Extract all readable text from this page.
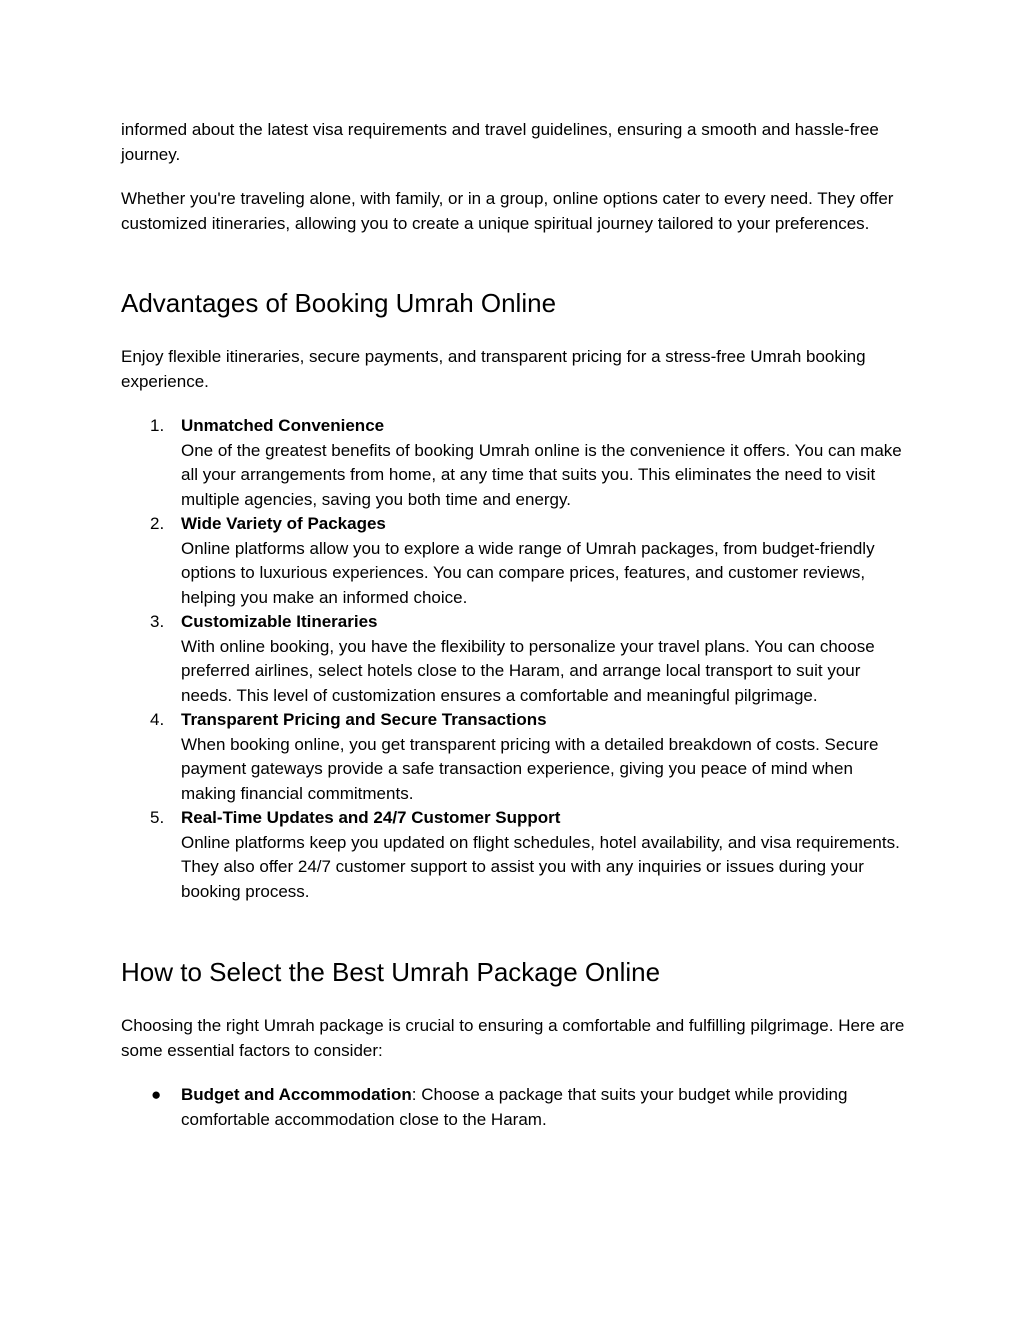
informed about the latest visa requirements and travel guidelines, ensuring a smooth and hassle-free journey.

Whether you're traveling alone, with family, or in a group, online options cater to every need. They offer customized itineraries, allowing you to create a unique spiritual journey tailored to your preferences.

Advantages of Booking Umrah Online

Enjoy flexible itineraries, secure payments, and transparent pricing for a stress-free Umrah booking experience.

1. Unmatched Convenience
One of the greatest benefits of booking Umrah online is the convenience it offers. You can make all your arrangements from home, at any time that suits you. This eliminates the need to visit multiple agencies, saving you both time and energy.
2. Wide Variety of Packages
Online platforms allow you to explore a wide range of Umrah packages, from budget-friendly options to luxurious experiences. You can compare prices, features, and customer reviews, helping you make an informed choice.
3. Customizable Itineraries
With online booking, you have the flexibility to personalize your travel plans. You can choose preferred airlines, select hotels close to the Haram, and arrange local transport to suit your needs. This level of customization ensures a comfortable and meaningful pilgrimage.
4. Transparent Pricing and Secure Transactions
When booking online, you get transparent pricing with a detailed breakdown of costs. Secure payment gateways provide a safe transaction experience, giving you peace of mind when making financial commitments.
5. Real-Time Updates and 24/7 Customer Support
Online platforms keep you updated on flight schedules, hotel availability, and visa requirements. They also offer 24/7 customer support to assist you with any inquiries or issues during your booking process.
How to Select the Best Umrah Package Online

Choosing the right Umrah package is crucial to ensuring a comfortable and fulfilling pilgrimage. Here are some essential factors to consider:

● Budget and Accommodation: Choose a package that suits your budget while providing comfortable accommodation close to the Haram.
